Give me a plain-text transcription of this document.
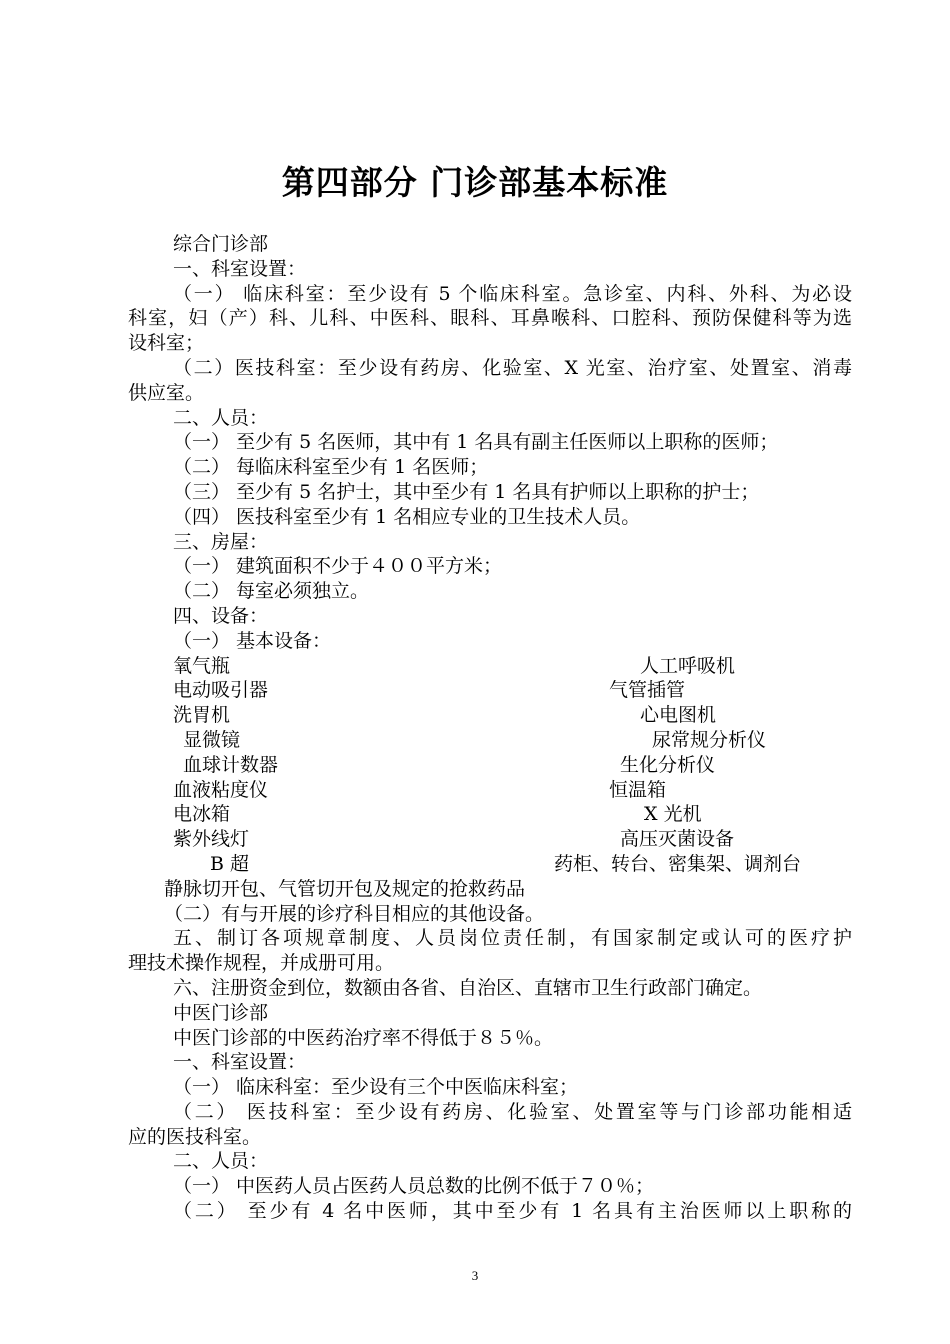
第四部分 门诊部基本标准
综合门诊部
一、科室设置：
（一） 临床科室：至少设有 5 个临床科室。急诊室、内科、外科、为必设
科室，妇（产）科、儿科、中医科、眼科、耳鼻喉科、口腔科、预防保健科等为选
设科室；
（二）医技科室：至少设有药房、化验室、X 光室、治疗室、处置室、消毒
供应室。
二、人员：
（一） 至少有 5 名医师，其中有 1 名具有副主任医师以上职称的医师；
（二） 每临床科室至少有 1 名医师；
（三） 至少有 5 名护士，其中至少有 1 名具有护师以上职称的护士；
（四） 医技科室至少有 1 名相应专业的卫生技术人员。
三、房屋：
（一） 建筑面积不少于４００平方米；
（二） 每室必须独立。
四、设备：
（一） 基本设备：
氧气瓶	人工呼吸机
电动吸引器	气管插管
洗胃机	心电图机
显微镜	尿常规分析仪
血球计数器	生化分析仪
血液粘度仪	恒温箱
电冰箱	X 光机
紫外线灯	高压灭菌设备
B 超	药柜、转台、密集架、调剂台
静脉切开包、气管切开包及规定的抢救药品
（二）有与开展的诊疗科目相应的其他设备。
五、制订各项规章制度、人员岗位责任制，有国家制定或认可的医疗护
理技术操作规程，并成册可用。
六、注册资金到位，数额由各省、自治区、直辖市卫生行政部门确定。
中医门诊部
中医门诊部的中医药治疗率不得低于８５％。
一、科室设置：
（一） 临床科室：至少设有三个中医临床科室；
（二） 医技科室：至少设有药房、化验室、处置室等与门诊部功能相适
应的医技科室。
二、人员：
（一） 中医药人员占医药人员总数的比例不低于７０％；
（二） 至少有 4 名中医师，其中至少有 1 名具有主治医师以上职称的
3
